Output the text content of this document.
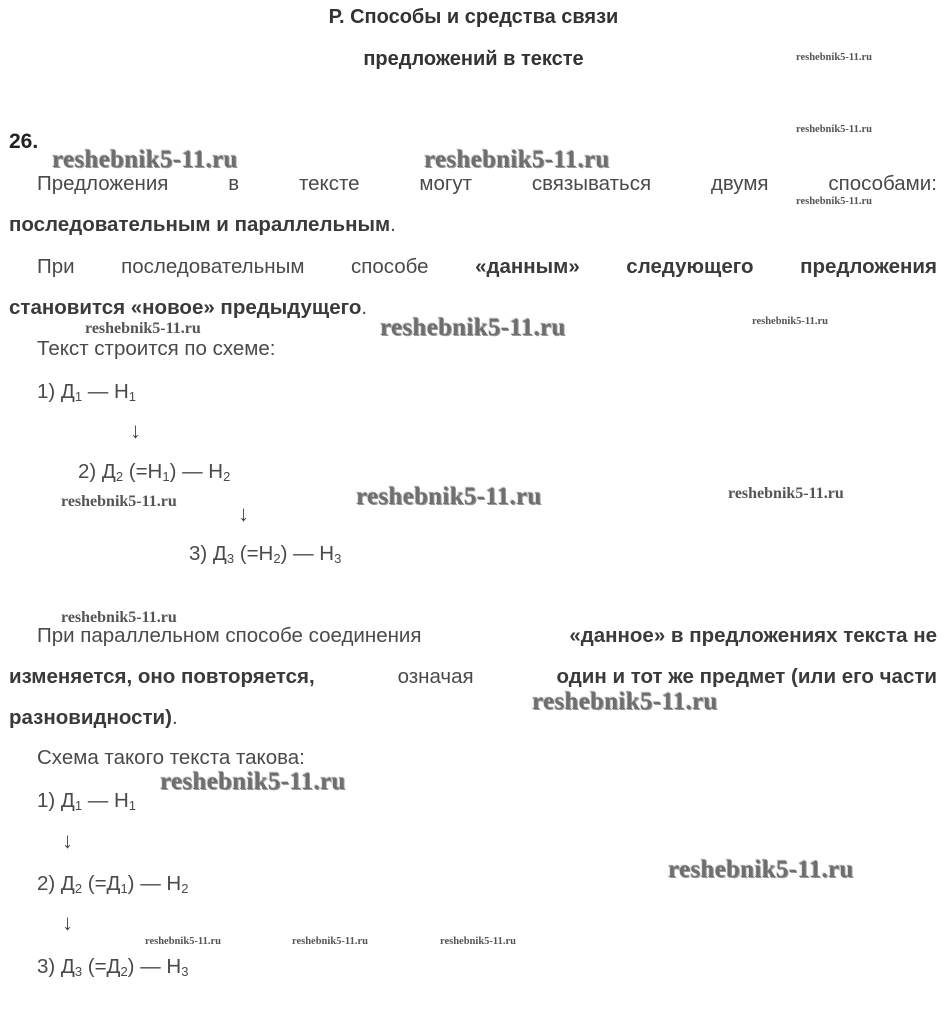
Р. Способы и средства связи
предложений в тексте
26.
Предложения	в	тексте	могут	связываться	двумя	способами:
последовательным и параллельным.
При последовательным способе «данным» следующего предложения
становится «новое» предыдущего.
Текст строится по схеме:
1) $Д_1$ — $Н_1$
↓
2) $Д_2$ $(=Н_1)$ — $Н_2$
↓
3) $Д_3$ $(=Н_2)$ — $Н_3$
При параллельном способе соединения	«данное» в предложениях текста не
изменяется, оно повторяется,	означая	один и тот же предмет (или его части
разновидности).
Схема такого текста такова:
1) $Д_1$ — $Н_1$
↓
2) $Д_2$ $(=Д_1)$ — $Н_2$
↓
3) $Д_3$ $(=Д_2)$ — $Н_3$
reshebnik5-11.ru
reshebnik5-11.ru
reshebnik5-11.ru
reshebnik5-11.ru	reshebnik5-11.ru
reshebnik5-11.ru	reshebnik5-11.ru	reshebnik5-11.ru
reshebnik5-11.ru	reshebnik5-11.ru	reshebnik5-11.ru
reshebnik5-11.ru
reshebnik5-11.ru
reshebnik5-11.ru
reshebnik5-11.ru
reshebnik5-11.ru	reshebnik5-11.ru	reshebnik5-11.ru
